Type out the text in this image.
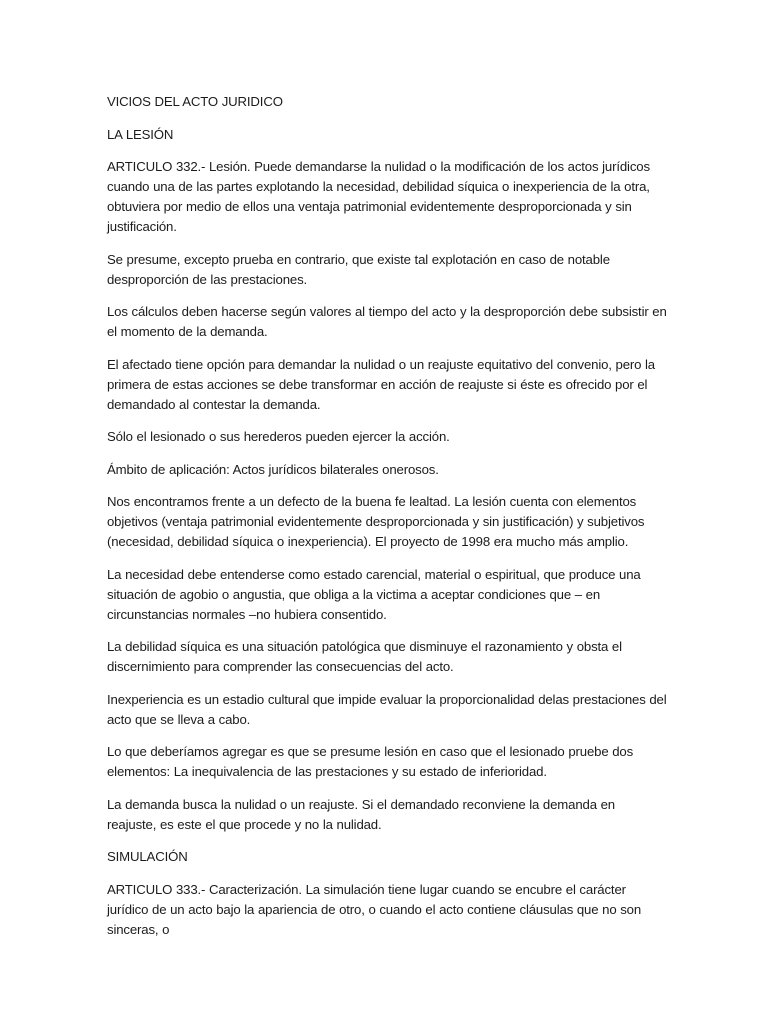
VICIOS DEL ACTO JURIDICO

LA LESIÓN

ARTICULO 332.- Lesión. Puede demandarse la nulidad o la modificación de los actos jurídicos cuando una de las partes explotando la necesidad, debilidad síquica o inexperiencia de la otra, obtuviera por medio de ellos una ventaja patrimonial evidentemente desproporcionada y sin justificación.

Se presume, excepto prueba en contrario, que existe tal explotación en caso de notable desproporción de las prestaciones.

Los cálculos deben hacerse según valores al tiempo del acto y la desproporción debe subsistir en el momento de la demanda.

El afectado tiene opción para demandar la nulidad o un reajuste equitativo del convenio, pero la primera de estas acciones se debe transformar en acción de reajuste si éste es ofrecido por el demandado al contestar la demanda.

Sólo el lesionado o sus herederos pueden ejercer la acción.

Ámbito de aplicación: Actos jurídicos bilaterales onerosos.

Nos encontramos frente a un defecto de la buena fe lealtad. La lesión cuenta con elementos objetivos (ventaja patrimonial evidentemente desproporcionada y sin justificación) y subjetivos (necesidad, debilidad síquica o inexperiencia). El proyecto de 1998 era mucho más amplio.

La necesidad debe entenderse como estado carencial, material o espiritual, que produce una situación de agobio o angustia, que obliga a la victima a aceptar condiciones que – en circunstancias normales –no hubiera consentido.

La debilidad síquica es una situación patológica que disminuye el razonamiento y obsta el discernimiento para comprender las consecuencias del acto.

Inexperiencia es un estadio cultural que impide evaluar la proporcionalidad delas prestaciones del acto que se lleva a cabo.

Lo que deberíamos agregar es que se presume lesión en caso que el lesionado pruebe dos elementos: La inequivalencia de las prestaciones y su estado de inferioridad.

La demanda busca la nulidad o un reajuste. Si el demandado reconviene la demanda en reajuste, es este el que procede y no la nulidad.

SIMULACIÓN

ARTICULO 333.- Caracterización. La simulación tiene lugar cuando se encubre el carácter jurídico de un acto bajo la apariencia de otro, o cuando el acto contiene cláusulas que no son sinceras, o
